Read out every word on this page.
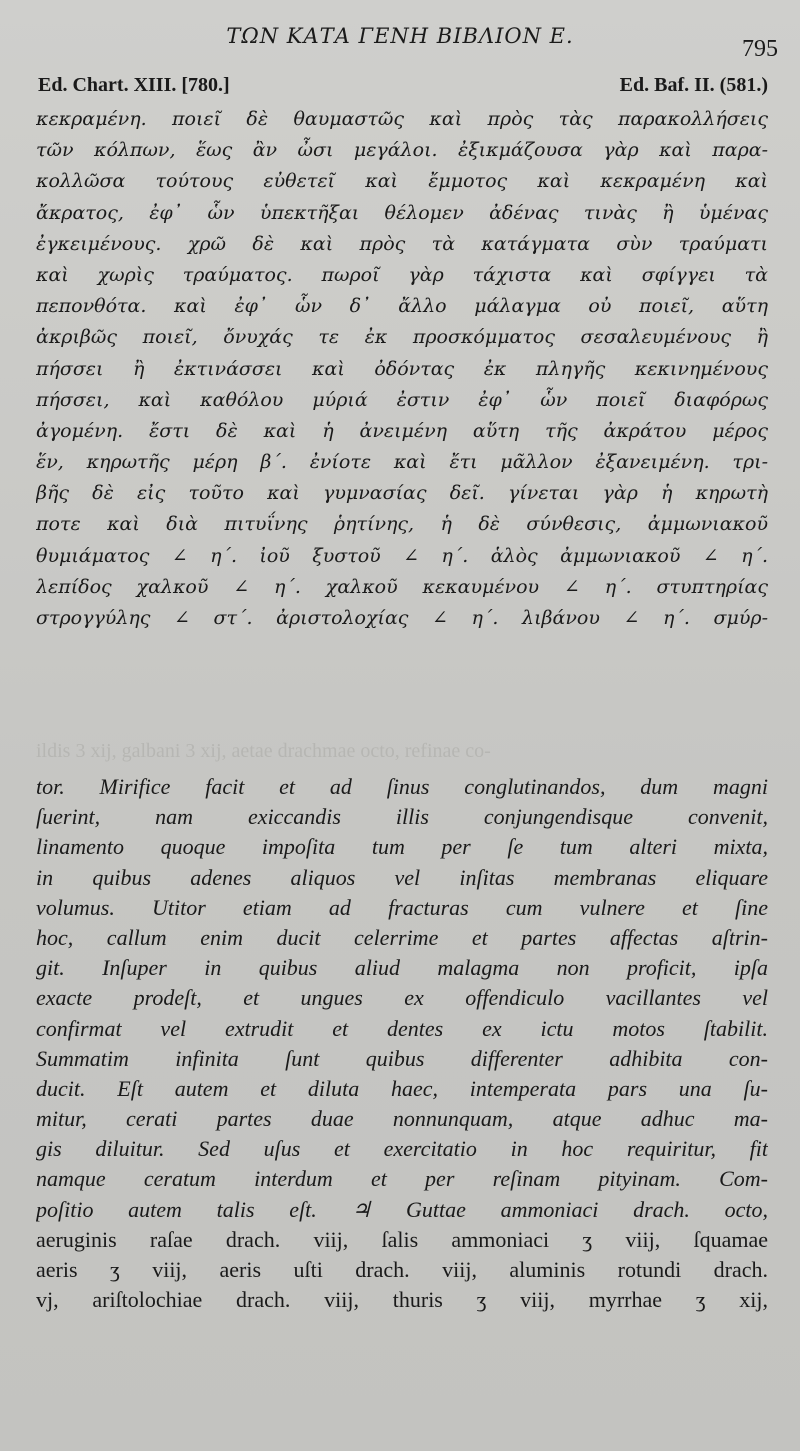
ΤΩΝ ΚΑΤΑ ΓΕΝΗ ΒΙΒΛΙΟΝ Ε.	795
Ed. Chart. XIII. [780.]	Ed. Baf. II. (581.)
κεκραμένη. ποιεῖ δὲ θαυμαστῶς καὶ πρὸς τὰς παρακολλήσεις
τῶν κόλπων, ἕως ἂν ὦσι μεγάλοι. ἐξικμάζουσα γὰρ καὶ παρα-
κολλῶσα τούτους εὐθετεῖ καὶ ἔμμοτος καὶ κεκραμένη καὶ
ἄκρατος, ἐφ᾽ ὧν ὑπεκτῆξαι θέλομεν ἀδένας τινὰς ἢ ὑμένας
ἐγκειμένους. χρῶ δὲ καὶ πρὸς τὰ κατάγματα σὺν τραύματι
καὶ χωρὶς τραύματος. πωροῖ γὰρ τάχιστα καὶ σφίγγει τὰ
πεπονθότα. καὶ ἐφ᾽ ὧν δ᾽ ἄλλο μάλαγμα οὐ ποιεῖ, αὕτη
ἀκριβῶς ποιεῖ, ὄνυχάς τε ἐκ προσκόμματος σεσαλευμένους ἢ
πήσσει ἢ ἐκτινάσσει καὶ ὀδόντας ἐκ πληγῆς κεκινημένους
πήσσει, καὶ καθόλου μύριά ἐστιν ἐφ᾽ ὧν ποιεῖ διαφόρως
ἀγομένη. ἔστι δὲ καὶ ἡ ἀνειμένη αὕτη τῆς ἀκράτου μέρος
ἕν, κηρωτῆς μέρη β΄. ἐνίοτε καὶ ἔτι μᾶλλον ἐξανειμένη. τρι-
βῆς δὲ εἰς τοῦτο καὶ γυμνασίας δεῖ. γίνεται γὰρ ἡ κηρωτὴ
ποτε καὶ διὰ πιτυΐνης ῥητίνης, ἡ δὲ σύνθεσις, ἀμμωνιακοῦ
θυμιάματος ∠ η΄. ἰοῦ ξυστοῦ ∠ η΄. ἁλὸς ἀμμωνιακοῦ ∠ η΄.
λεπίδος χαλκοῦ ∠ η΄. χαλκοῦ κεκαυμένου ∠ η΄. στυπτηρίας
στρογγύλης ∠ στ΄. ἀριστολοχίας ∠ η΄. λιβάνου ∠ η΄. σμύρ-
ildis 3 xij, galbani 3 xij, aetae drachmae octo, refinae co-
tor. Mirifice facit et ad ſinus conglutinandos, dum magni
ſuerint, nam exiccandis illis conjungendisque convenit,
linamento quoque impoſita tum per ſe tum alteri mixta,
in quibus adenes aliquos vel inſitas membranas eliquare
volumus. Utitor etiam ad fracturas cum vulnere et ſine
hoc, callum enim ducit celerrime et partes affectas aſtrin-
git. Inſuper in quibus aliud malagma non proficit, ipſa
exacte prodeſt, et ungues ex offendiculo vacillantes vel
confirmat vel extrudit et dentes ex ictu motos ſtabilit.
Summatim infinita ſunt quibus differenter adhibita con-
ducit. Eſt autem et diluta haec, intemperata pars una ſu-
mitur, cerati partes duae nonnunquam, atque adhuc ma-
gis diluitur. Sed uſus et exercitatio in hoc requiritur, fit
namque ceratum interdum et per reſinam pityinam. Com-
poſitio autem talis eſt. ♃ Guttae ammoniaci drach. octo,
aeruginis raſae drach. viij, ſalis ammoniaci ʒ viij, ſquamae
aeris ʒ viij, aeris uſti drach. viij, aluminis rotundi drach.
vj, ariſtolochiae drach. viij, thuris ʒ viij, myrrhae ʒ xij,
